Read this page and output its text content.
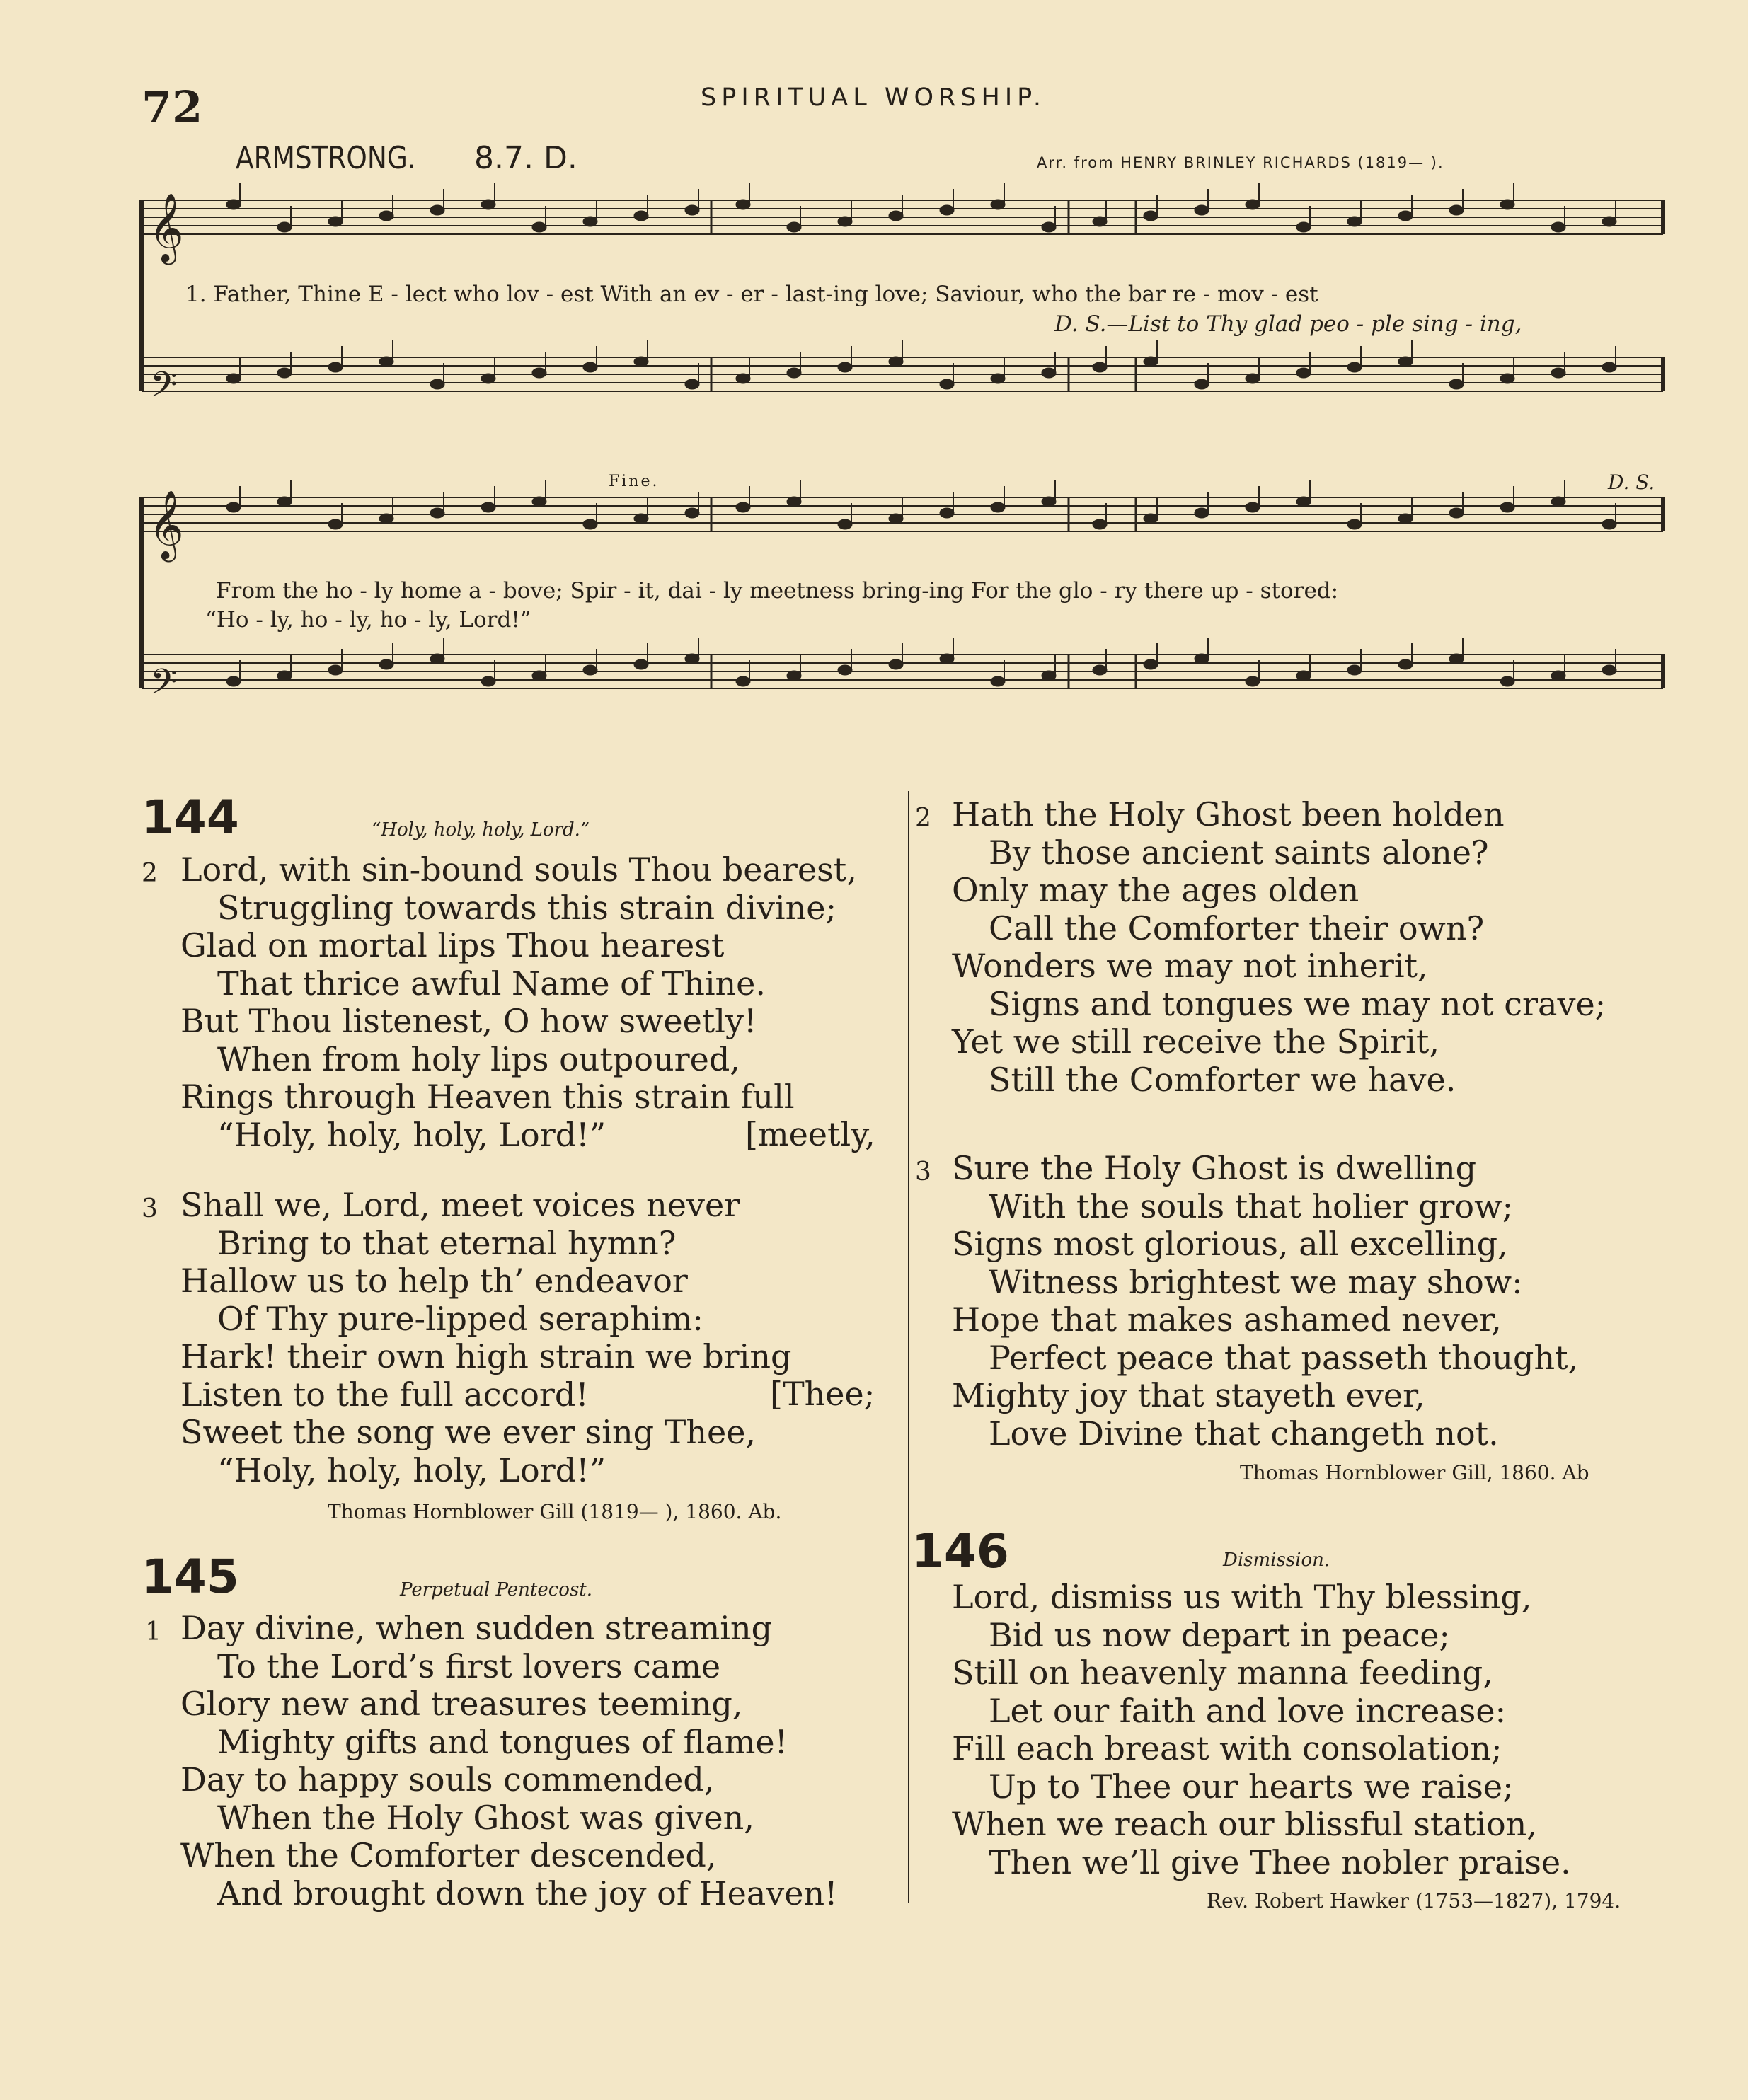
72	SPIRITUAL WORSHIP.
ARMSTRONG. 8.7. D.	Arr. from HENRY BRINLEY RICHARDS (1819— ).
Fine.	D. S.
𝄞
𝄢
𝄞
𝄢
1. Father, Thine E - lect who lov - est With an ev - er - last-ing love; Saviour, who the bar re - mov - est
D. S.—List to Thy glad peo - ple sing - ing,
From the ho - ly home a - bove; Spir - it, dai - ly meetness bring-ing For the glo - ry there up - stored:
“Ho - ly, ho - ly, ho - ly, Lord!”
144	“Holy, holy, holy, Lord.”
2 Lord, with sin-bound souls Thou bearest,
Struggling towards this strain divine;
Glad on mortal lips Thou hearest
That thrice awful Name of Thine.
But Thou listenest, O how sweetly!
When from holy lips outpoured,
Rings through Heaven this strain full
“Holy, holy, holy, Lord!”	[meetly,
3 Shall we, Lord, meet voices never
Bring to that eternal hymn?
Hallow us to help th’ endeavor
Of Thy pure-lipped seraphim:
Hark! their own high strain we bring
Listen to the full accord!
Sweet the song we ever sing Thee,
“Holy, holy, holy, Lord!”
[Thee;
Thomas Hornblower Gill (1819— ), 1860. Ab.
145	Perpetual Pentecost.
1 Day divine, when sudden streaming
To the Lord’s first lovers came
Glory new and treasures teeming,
Mighty gifts and tongues of flame!
Day to happy souls commended,
When the Holy Ghost was given,
When the Comforter descended,
And brought down the joy of Heaven!
2 Hath the Holy Ghost been holden
By those ancient saints alone?
Only may the ages olden
Call the Comforter their own?
Wonders we may not inherit,
Signs and tongues we may not crave;
Yet we still receive the Spirit,
Still the Comforter we have.
3 Sure the Holy Ghost is dwelling
With the souls that holier grow;
Signs most glorious, all excelling,
Witness brightest we may show:
Hope that makes ashamed never,
Perfect peace that passeth thought,
Mighty joy that stayeth ever,
Love Divine that changeth not.
Thomas Hornblower Gill, 1860. Ab
146	Dismission.
Lord, dismiss us with Thy blessing,
Bid us now depart in peace;
Still on heavenly manna feeding,
Let our faith and love increase:
Fill each breast with consolation;
Up to Thee our hearts we raise;
When we reach our blissful station,
Then we’ll give Thee nobler praise.
Rev. Robert Hawker (1753—1827), 1794.
